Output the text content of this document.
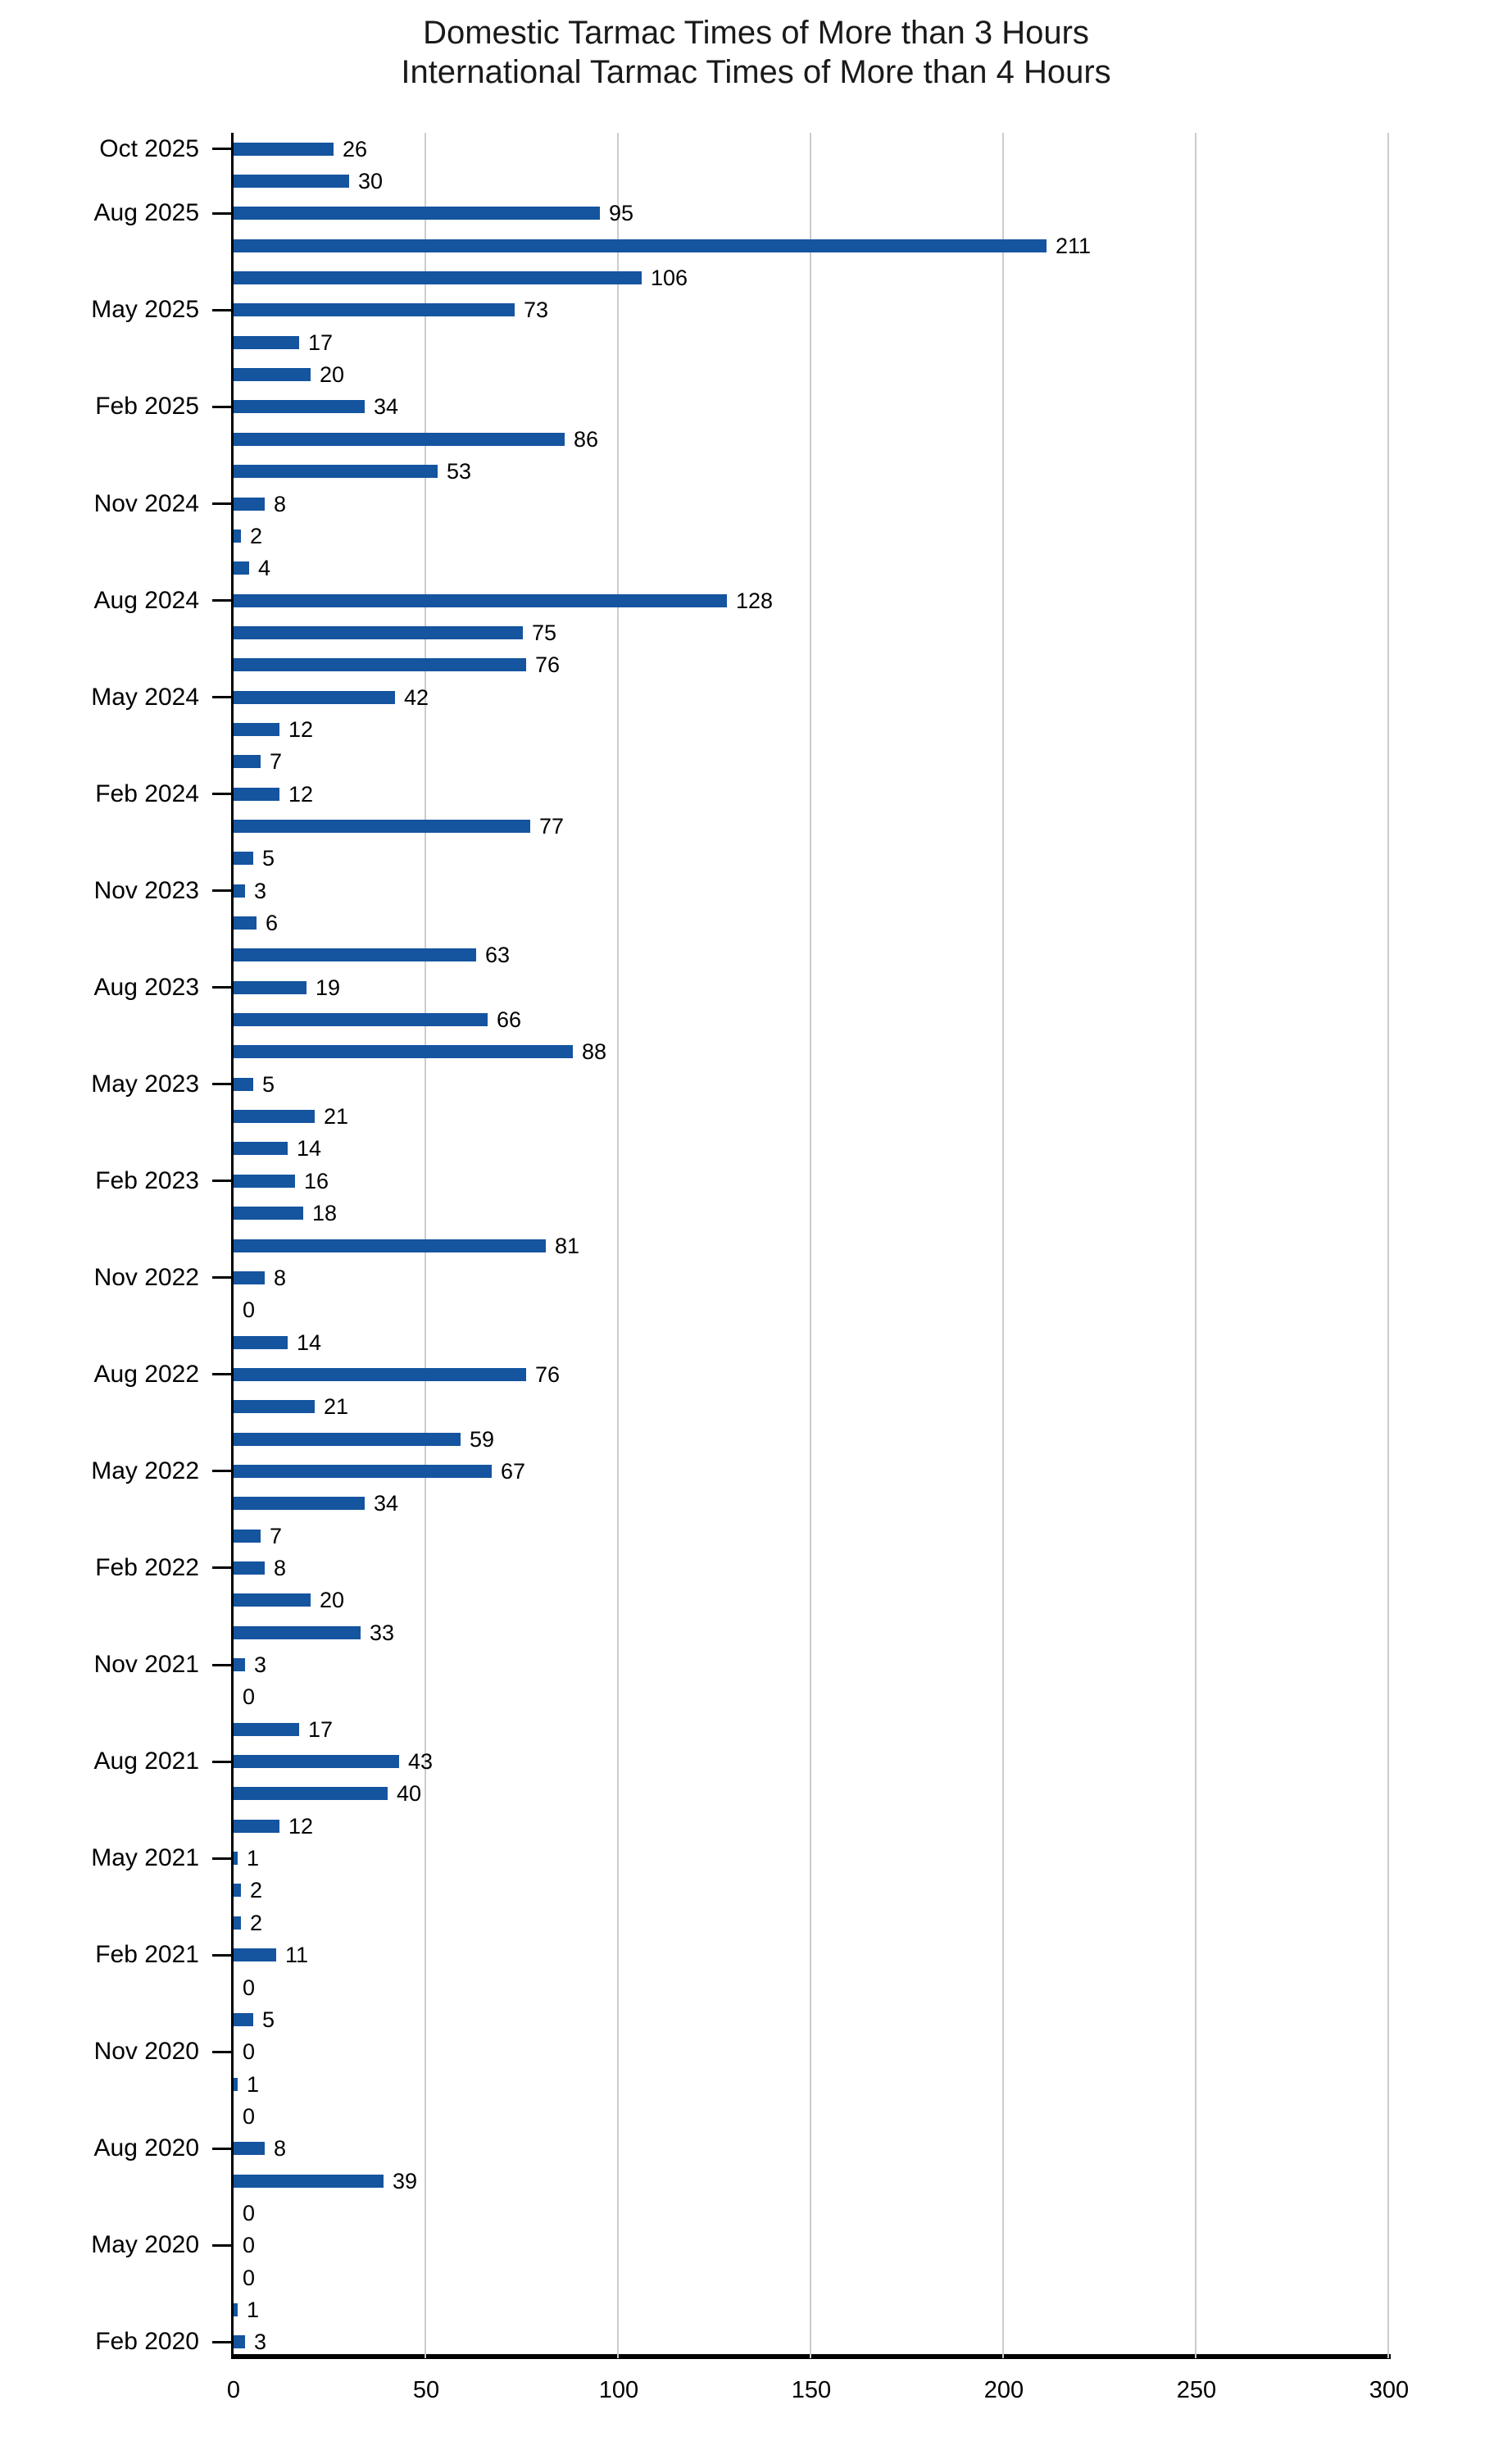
Domestic Tarmac Times of More than 3 Hours
International Tarmac Times of More than 4 Hours
26
30
95
211
106
73
17
20
34
86
53
8
2
4
128
75
76
42
12
7
12
77
5
3
6
63
19
66
88
5
21
14
16
18
81
8
0
14
76
21
59
67
34
7
8
20
33
3
0
17
43
40
12
1
2
2
11
0
5
0
1
0
8
39
0
0
0
1
3
Oct 2025
Aug 2025
May 2025
Feb 2025
Nov 2024
Aug 2024
May 2024
Feb 2024
Nov 2023
Aug 2023
May 2023
Feb 2023
Nov 2022
Aug 2022
May 2022
Feb 2022
Nov 2021
Aug 2021
May 2021
Feb 2021
Nov 2020
Aug 2020
May 2020
Feb 2020
0	50	100	150	200	250	300
